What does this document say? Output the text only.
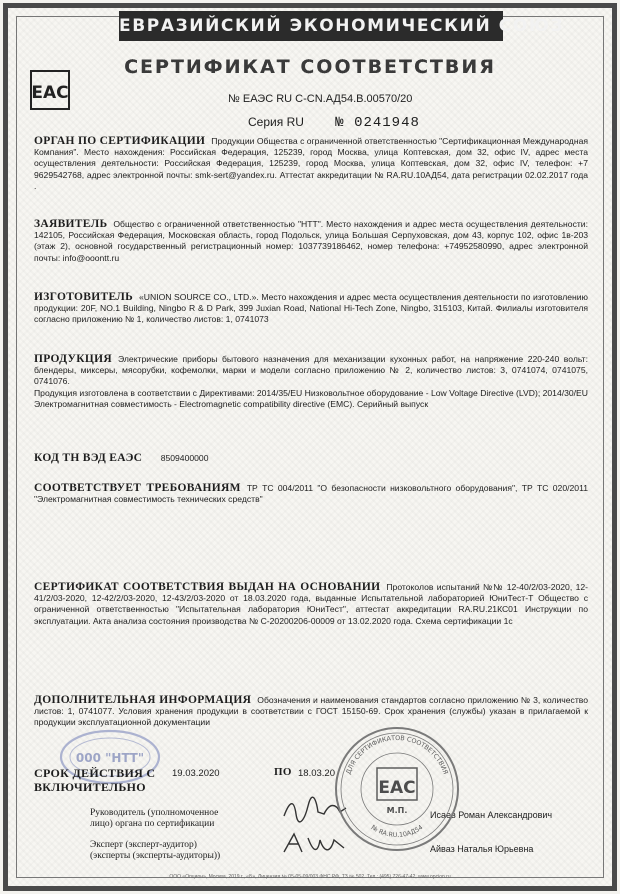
ЕВРАЗИЙСКИЙ ЭКОНОМИЧЕСКИЙ СОЮЗ
СЕРТИФИКАТ СООТВЕТСТВИЯ
ЕАС	№ ЕАЭС RU С-CN.АД54.В.00570/20
Серия RU № 0241948
ОРГАН ПО СЕРТИФИКАЦИИ Продукции Общества с ограниченной ответственностью "Сертификационная Международная Компания". Место нахождения: Российская Федерация, 125239, город Москва, улица Коптевская, дом 32, офис IV, адрес места осуществления деятельности: Российская Федерация, 125239, город Москва, улица Коптевская, дом 32, офис IV, телефон: +7 9629542768, адрес электронной почты: smk-sert@yandex.ru. Аттестат аккредитации № RA.RU.10АД54, дата регистрации 02.02.2017 года .
ЗАЯВИТЕЛЬ Общество с ограниченной ответственностью "НТТ". Место нахождения и адрес места осуществления деятельности: 142105, Российская Федерация, Московская область, город Подольск, улица Большая Серпуховская, дом 43, корпус 102, офис 1в-203 (этаж 2), основной государственный регистрационный номер: 1037739186462, номер телефона: +74952580990, адрес электронной почты: info@ooontt.ru
ИЗГОТОВИТЕЛЬ «UNION SOURCE CO., LTD.». Место нахождения и адрес места осуществления деятельности по изготовлению продукции: 20F, NO.1 Building, Ningbo R & D Park, 399 Juxian Road, National Hi-Tech Zone, Ningbo, 315103, Китай. Филиалы изготовителя согласно приложению № 1, количество листов: 1, 0741073
ПРОДУКЦИЯ Электрические приборы бытового назначения для механизации кухонных работ, на напряжение 220-240 вольт: блендеры, миксеры, мясорубки, кофемолки, марки и модели согласно приложению № 2, количество листов: 3, 0741074, 0741075, 0741076.
Продукция изготовлена в соответствии с Директивами: 2014/35/EU Низковольтное оборудование - Low Voltage Directive (LVD); 2014/30/EU Электромагнитная совместимость - Electromagnetic compatibility directive (EMC). Серийный выпуск
КОД ТН ВЭД ЕАЭС 8509400000
СООТВЕТСТВУЕТ ТРЕБОВАНИЯМ ТР ТС 004/2011 "О безопасности низковольтного оборудования", ТР ТС 020/2011 "Электромагнитная совместимость технических средств"
СЕРТИФИКАТ СООТВЕТСТВИЯ ВЫДАН НА ОСНОВАНИИ Протоколов испытаний №№ 12-40/2/03-2020, 12-41/2/03-2020, 12-42/2/03-2020, 12-43/2/03-2020 от 18.03.2020 года, выданные Испытательной лабораторией ЮниТест-Т Общество с ограниченной ответственностью "Испытательная лаборатория ЮниТест", аттестат аккредитации RA.RU.21КС01 Инструкции по эксплуатации. Акта анализа состояния производства № С-20200206-00009 от 13.02.2020 года. Схема сертификации 1с
ДОПОЛНИТЕЛЬНАЯ ИНФОРМАЦИЯ Обозначения и наименования стандартов согласно приложению № 3, количество листов: 1, 0741077. Условия хранения продукции в соответствии с ГОСТ 15150-69. Срок хранения (службы) указан в прилагаемой к продукции эксплуатационной документации
000 "НТТ"
СРОК ДЕЙСТВИЯ С
ВКЛЮЧИТЕЛЬНО
19.03.2020	ПО 18.03.20
Руководитель (уполномоченное
лицо) органа по сертификации
Исаев Роман Александрович
Эксперт (эксперт-аудитор)
(эксперты (эксперты-аудиторы))
Айваз Наталья Юрьевна
ДЛЯ СЕРТИФИКАТОВ СООТВЕТСТВИЯ
№ RA.RU.10АД54
ЕАС
М.П.
ООО «Опцион», Москва, 2019 г., «Б», Лицензия № 05-05-09/003 ФНС РФ, ТЗ № 502. Тел.: (495) 726-47-42, www.opcion.ru
